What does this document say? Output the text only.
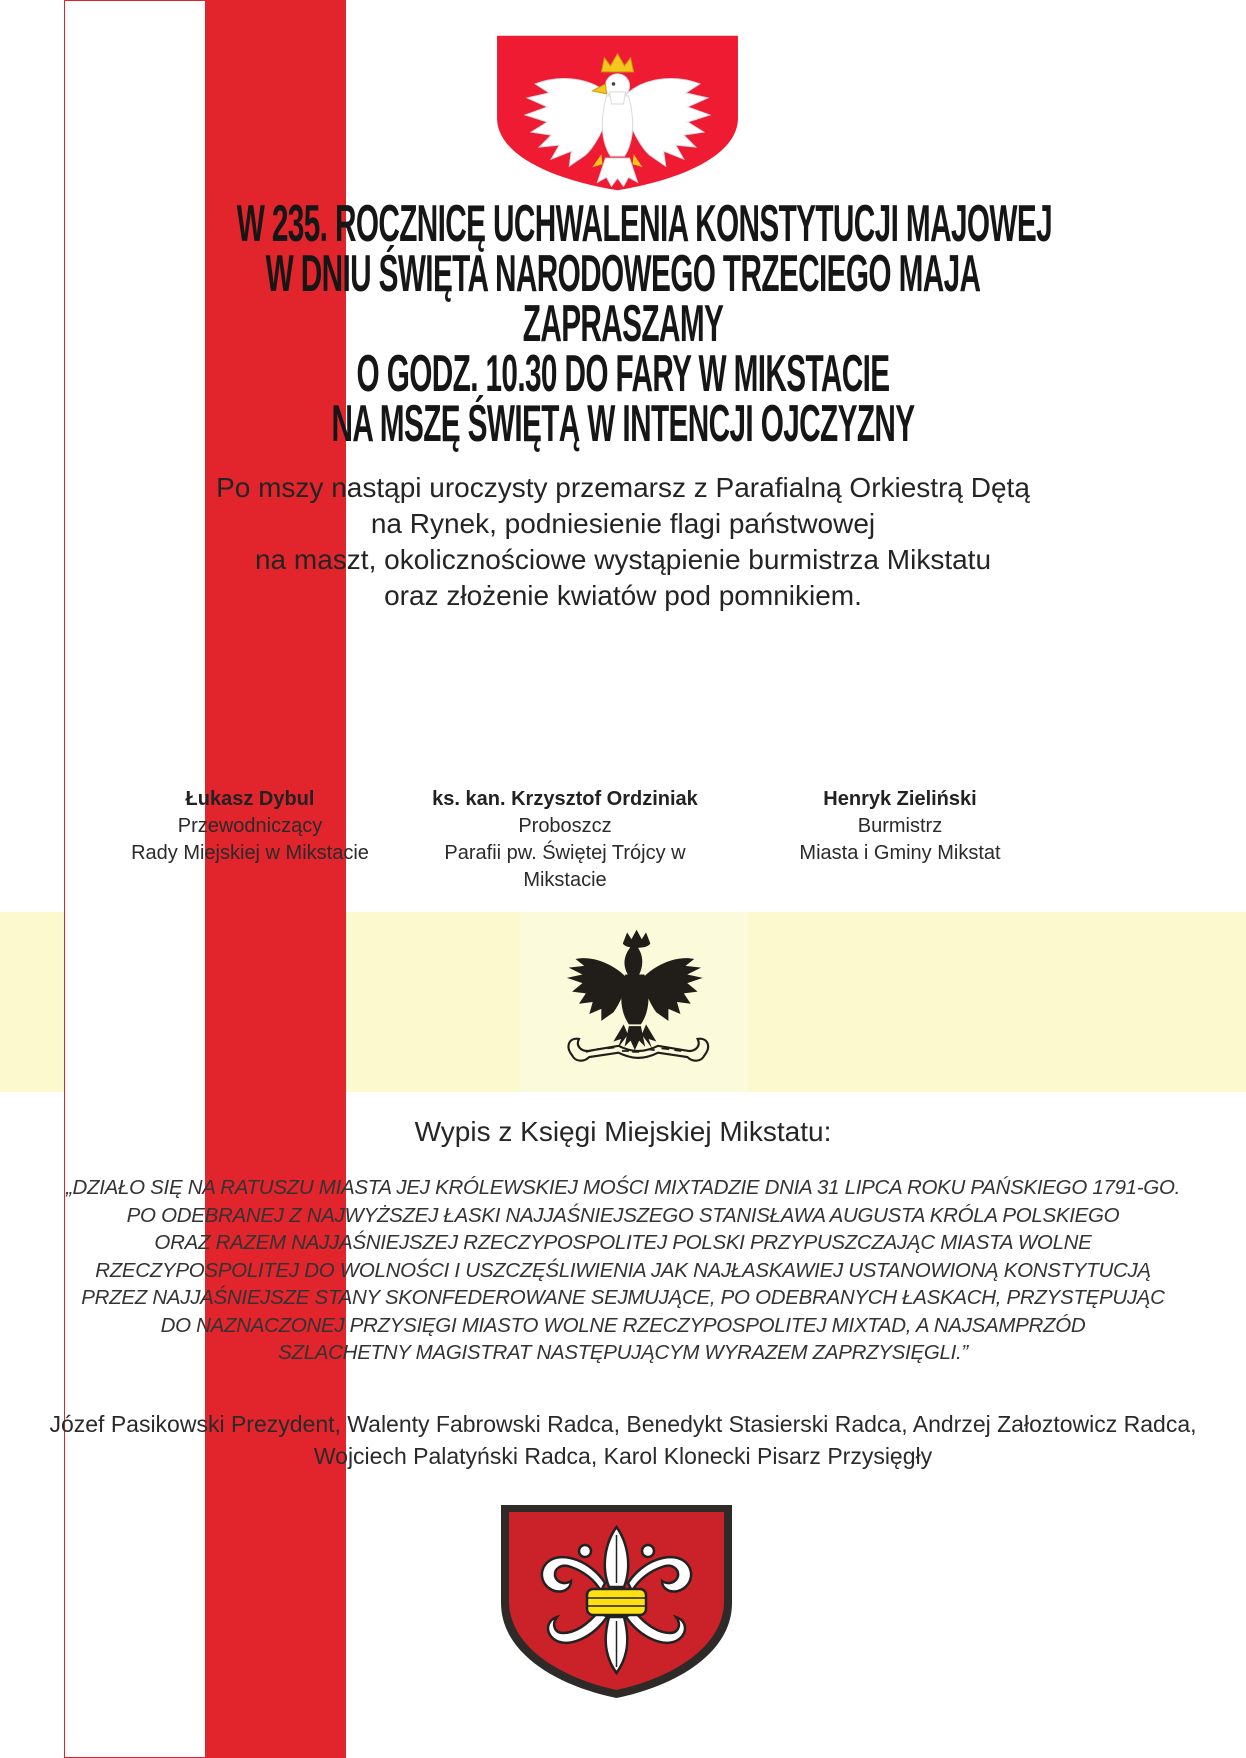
W 235. ROCZNICĘ UCHWALENIA KONSTYTUCJI MAJOWEJ
W DNIU ŚWIĘTA NARODOWEGO TRZECIEGO MAJA
ZAPRASZAMY
O GODZ. 10.30 DO FARY W MIKSTACIE
NA MSZĘ ŚWIĘTĄ W INTENCJI OJCZYZNY
Po mszy nastąpi uroczysty przemarsz z Parafialną Orkiestrą Dętą
na Rynek, podniesienie flagi państwowej
na maszt, okolicznościowe wystąpienie burmistrza Mikstatu
oraz złożenie kwiatów pod pomnikiem.
Łukasz Dybul
Przewodniczący
Rady Miejskiej w Mikstacie
ks. kan. Krzysztof Ordziniak
Proboszcz
Parafii pw. Świętej Trójcy w Mikstacie
Henryk Zieliński
Burmistrz
Miasta i Gminy Mikstat
Wypis z Księgi Miejskiej Mikstatu:
„DZIAŁO SIĘ NA RATUSZU MIASTA JEJ KRÓLEWSKIEJ MOŚCI MIXTADZIE DNIA 31 LIPCA ROKU PAŃSKIEGO 1791-GO.
PO ODEBRANEJ Z NAJWYŻSZEJ ŁASKI NAJJAŚNIEJSZEGO STANISŁAWA AUGUSTA KRÓLA POLSKIEGO
ORAZ RAZEM NAJJAŚNIEJSZEJ RZECZYPOSPOLITEJ POLSKI PRZYPUSZCZAJĄC MIASTA WOLNE
RZECZYPOSPOLITEJ DO WOLNOŚCI I USZCZĘŚLIWIENIA JAK NAJŁASKAWIEJ USTANOWIONĄ KONSTYTUCJĄ
PRZEZ NAJJAŚNIEJSZE STANY SKONFEDEROWANE SEJMUJĄCE, PO ODEBRANYCH ŁASKACH, PRZYSTĘPUJĄC
DO NAZNACZONEJ PRZYSIĘGI MIASTO WOLNE RZECZYPOSPOLITEJ MIXTAD, A NAJSAMPRZÓD
SZLACHETNY MAGISTRAT NASTĘPUJĄCYM WYRAZEM ZAPRZYSIĘGLI.”
Józef Pasikowski Prezydent, Walenty Fabrowski Radca, Benedykt Stasierski Radca, Andrzej Załoztowicz Radca,
Wojciech Palatyński Radca, Karol Klonecki Pisarz Przysięgły
